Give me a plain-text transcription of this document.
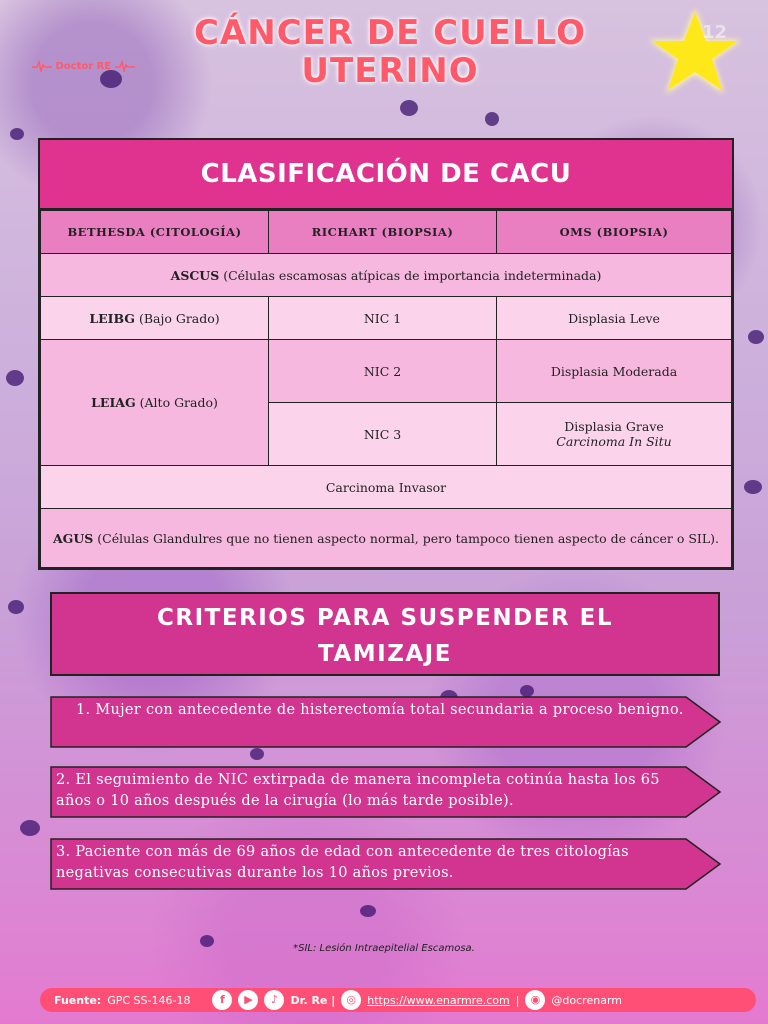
Doctor RE
CÁNCER DE CUELLO
UTERINO
12
CLASIFICACIÓN DE CACU
BETHESDA (CITOLOGÍA)	RICHART (BIOPSIA)	OMS (BIOPSIA)
ASCUS (Células escamosas atípicas de importancia indeterminada)		
LEIBG (Bajo Grado)	NIC 1	Displasia Leve
LEIAG (Alto Grado)	NIC 2	Displasia Moderada
	NIC 3	Displasia Grave
Carcinoma In Situ

Carcinoma Invasor		
AGUS (Células Glandulres que no tienen aspecto normal, pero tampoco tienen aspecto de cáncer o SIL).		
CRITERIOS PARA SUSPENDER EL
TAMIZAJE
1. Mujer con antecedente de histerectomía total secundaria a proceso benigno.
2. El seguimiento de NIC extirpada de manera incompleta cotinúa hasta los 65 años o 10 años después de la cirugía (lo más tarde posible).
3. Paciente con más de 69 años de edad con antecedente de tres citologías negativas consecutivas durante los 10 años previos.
*SIL: Lesión Intraepitelial Escamosa.
Fuente: GPC SS-146-18	f	▶	♪	Dr. Re |	◎	https://www.enarmre.com |	◉	@docrenarm
